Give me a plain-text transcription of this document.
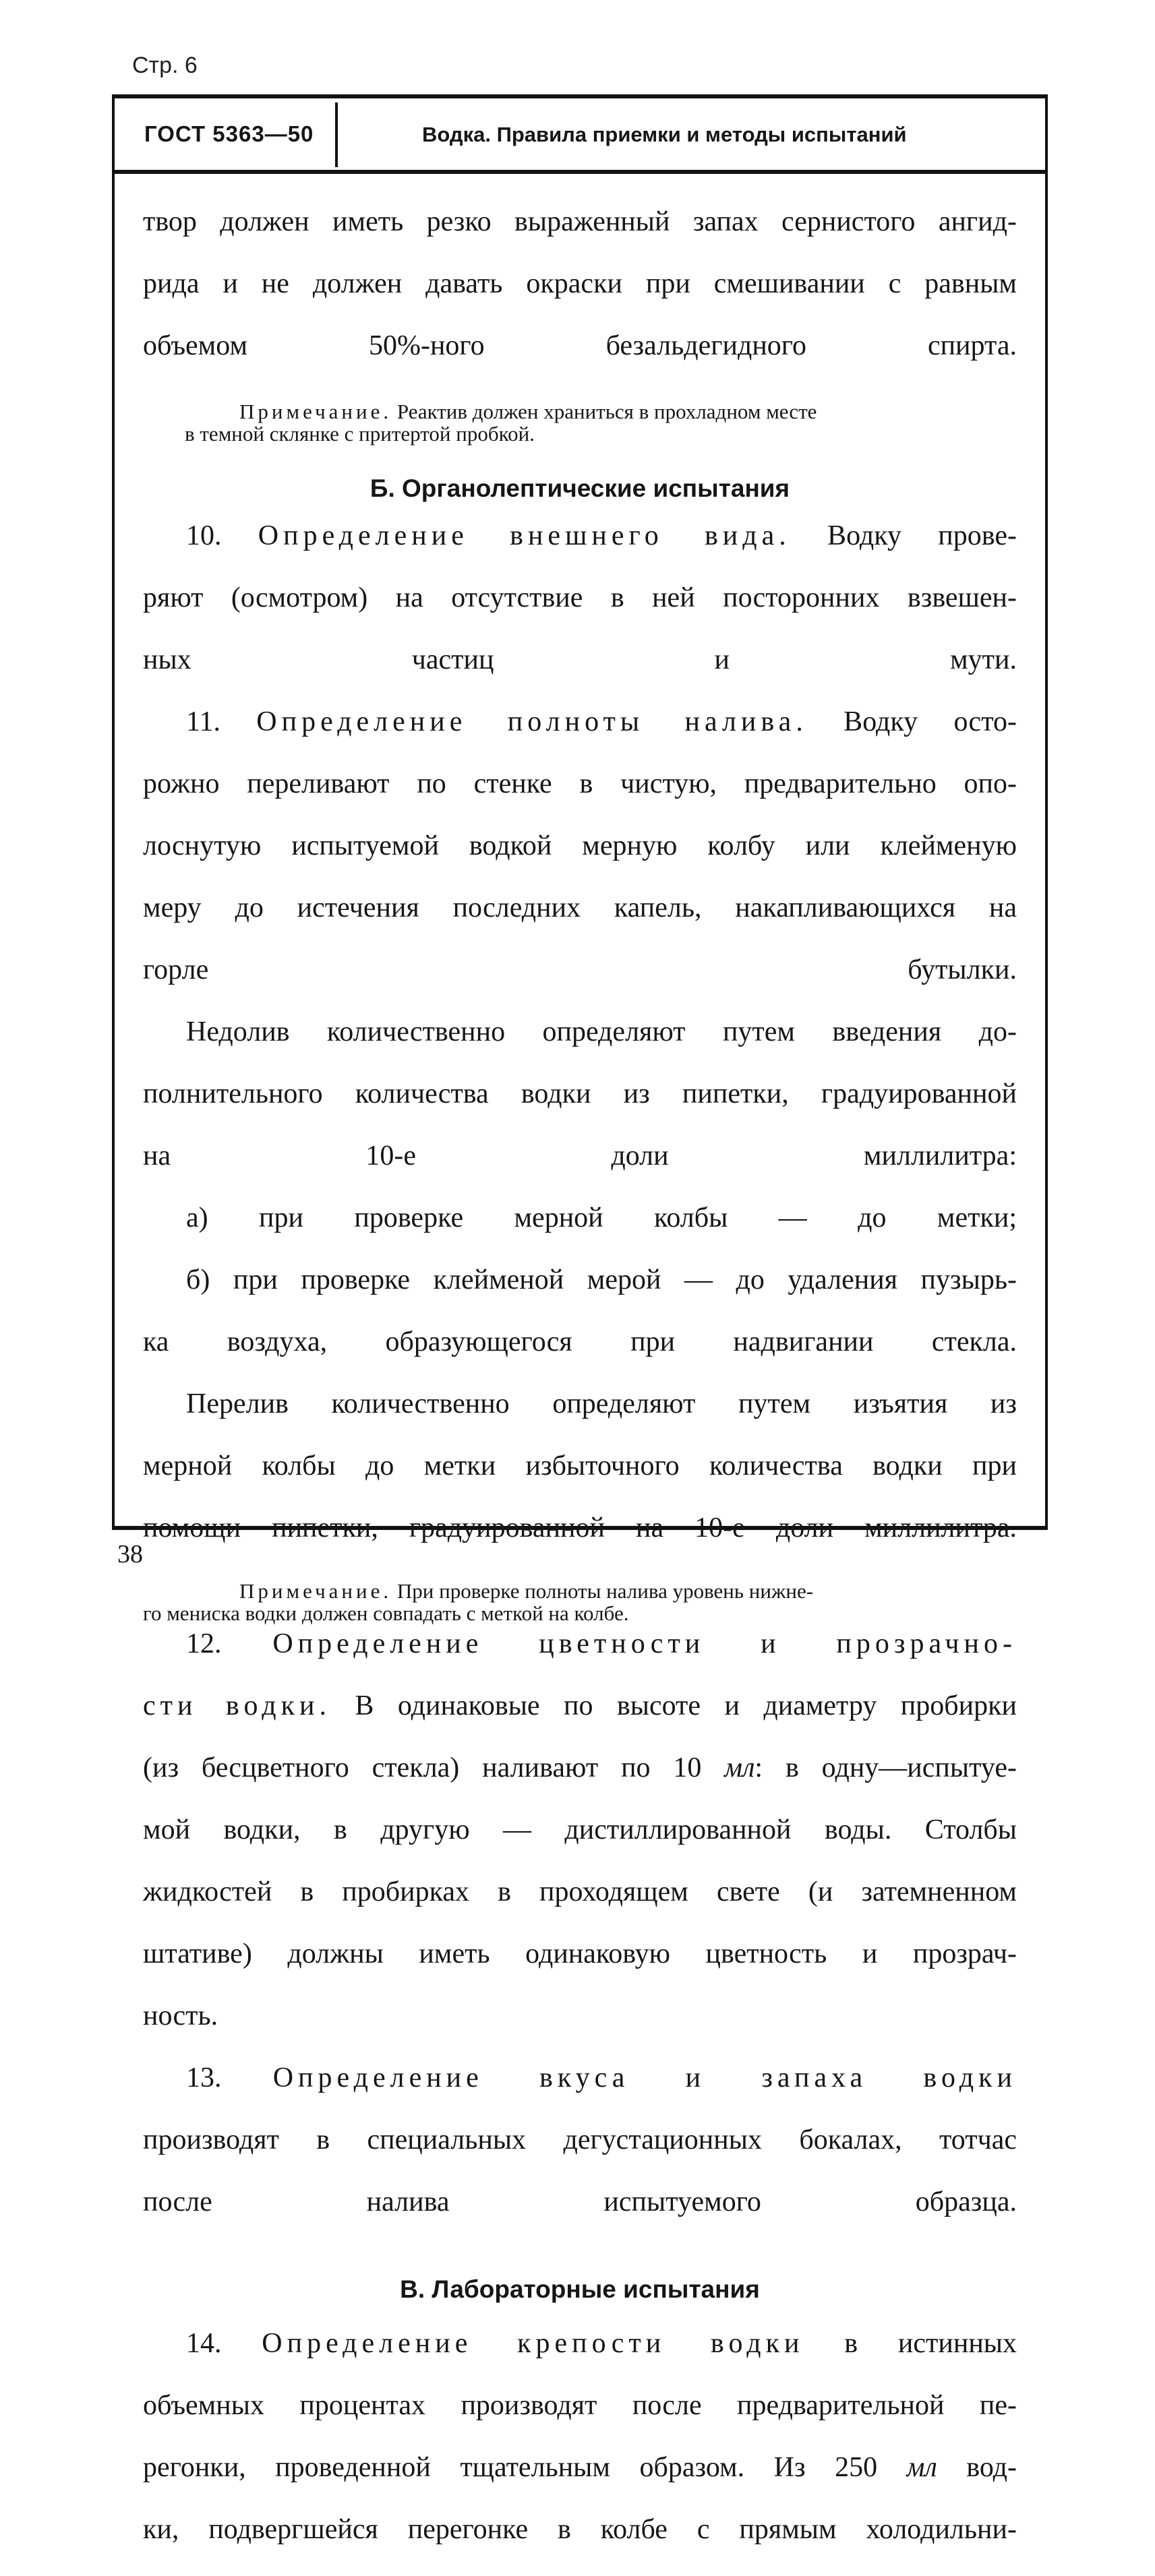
Стр. 6
ГОСТ 5363—50	Водка. Правила приемки и методы испытаний

твор должен иметь резко выраженный запах сернистого ангид-

рида и не должен давать окраски при смешивании с равным

объемом 50%-ного безальдегидного спирта.

Примечание. Реактив должен храниться в прохладном месте

в темной склянке с притертой пробкой.

Б. Органолептические испытания

10. Определение внешнего вида. Водку прове-

ряют (осмотром) на отсутствие в ней посторонних взвешен-

ных частиц и мути.

11. Определение полноты налива. Водку осто-

рожно переливают по стенке в чистую, предварительно опо-

лоснутую испытуемой водкой мерную колбу или клейменую

меру до истечения последних капель, накапливающихся на

горле бутылки.

Недолив количественно определяют путем введения до-

полнительного количества водки из пипетки, градуированной

на 10-е доли миллилитра:

а) при проверке мерной колбы — до метки;

б) при проверке клейменой мерой — до удаления пузырь-

ка воздуха, образующегося при надвигании стекла.

Перелив количественно определяют путем изъятия из

мерной колбы до метки избыточного количества водки при

помощи пипетки, градуированной на 10-е доли миллилитра.

Примечание. При проверке полноты налива уровень нижне-

го мениска водки должен совпадать с меткой на колбе.

12. Определение цветности и прозрачно-

сти водки. В одинаковые по высоте и диаметру пробирки

(из бесцветного стекла) наливают по 10 мл: в одну—испытуе-

мой водки, в другую — дистиллированной воды. Столбы

жидкостей в пробирках в проходящем свете (и затемненном

штативе) должны иметь одинаковую цветность и прозрач-

ность.

13. Определение вкуса и запаха водки

производят в специальных дегустационных бокалах, тотчас

после налива испытуемого образца.

В. Лабораторные испытания

14. Определение крепости водки в истинных

объемных процентах производят после предварительной пе-

регонки, проведенной тщательным образом. Из 250 мл вод-

ки, подвергшейся перегонке в колбе с прямым холодильни-

38
